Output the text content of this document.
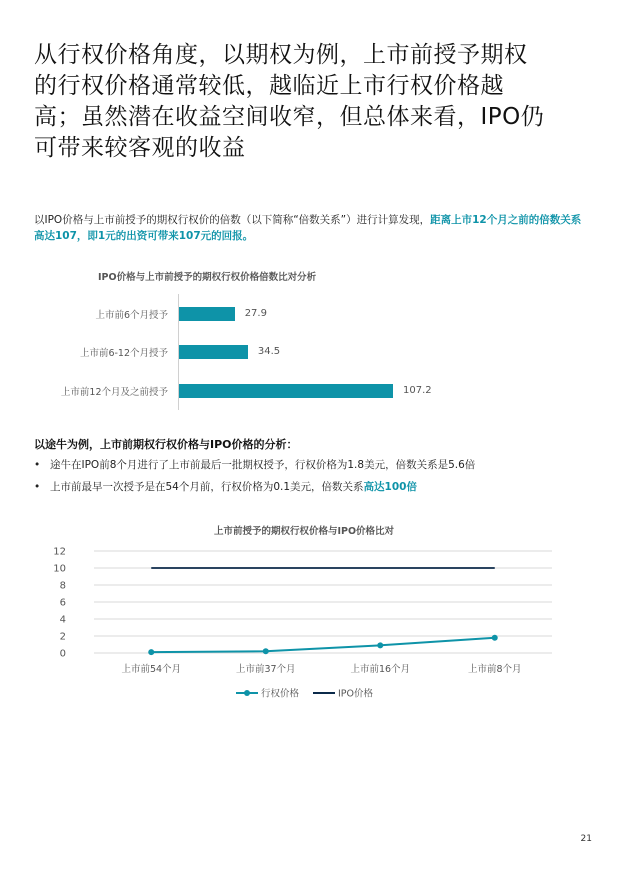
从行权价格角度，以期权为例，上市前授予期权
的行权价格通常较低，越临近上市行权价格越
高；虽然潜在收益空间收窄，但总体来看，IPO仍
可带来较客观的收益
以IPO价格与上市前授予的期权行权价的倍数（以下简称“倍数关系”）进行计算发现，距离上市12个月之前的倍数关系高达107，即1元的出资可带来107元的回报。
IPO价格与上市前授予的期权行权价格倍数比对分析
上市前6个月授予
上市前6-12个月授予
上市前12个月及之前授予
27.9
34.5
107.2
以途牛为例，上市前期权行权价格与IPO价格的分析：
• 途牛在IPO前8个月进行了上市前最后一批期权授予，行权价格为1.8美元，倍数关系是5.6倍
• 上市前最早一次授予是在54个月前，行权价格为0.1美元，倍数关系高达100倍
上市前授予的期权行权价格与IPO价格比对
0
2
4
6
8
10
12
上市前54个月	上市前37个月	上市前16个月	上市前8个月
行权价格	IPO价格
21
